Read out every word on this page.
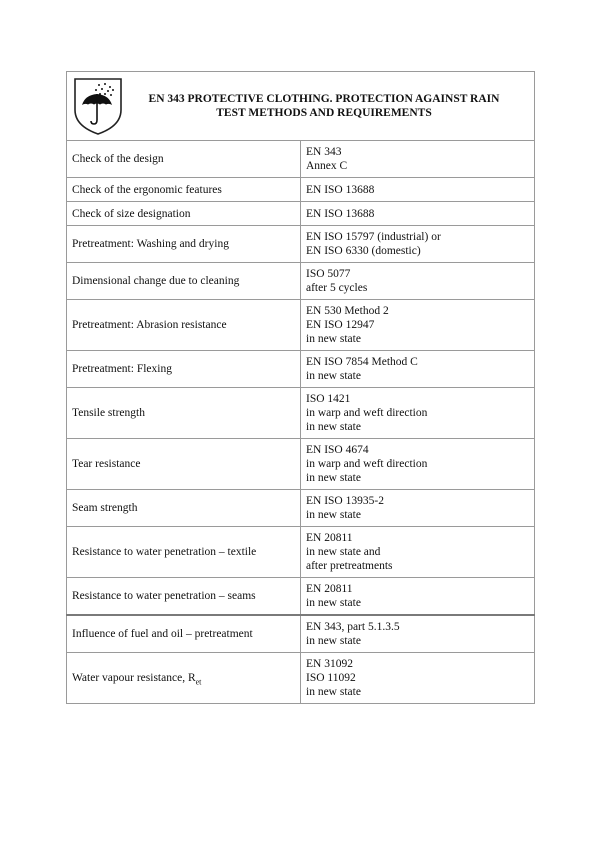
EN 343 PROTECTIVE CLOTHING. PROTECTION AGAINST RAIN
TEST METHODS AND REQUIREMENTS	

Check of the design	EN 343
Annex C

Check of the ergonomic features	EN ISO 13688

Check of size designation	EN ISO 13688

Pretreatment: Washing and drying	EN ISO 15797 (industrial) or
EN ISO 6330 (domestic)

Dimensional change due to cleaning	ISO 5077
after 5 cycles

Pretreatment: Abrasion resistance	EN 530 Method 2
EN ISO 12947
in new state

Pretreatment: Flexing	EN ISO 7854 Method C
in new state

Tensile strength	ISO 1421
in warp and weft direction
in new state

Tear resistance	EN ISO 4674
in warp and weft direction
in new state

Seam strength	EN ISO 13935-2
in new state

Resistance to water penetration – textile	EN 20811
in new state and
after pretreatments

Resistance to water penetration – seams	EN 20811
in new state

Influence of fuel and oil – pretreatment	EN 343, part 5.1.3.5
in new state

Water vapour resistance, $R_{et}$	EN 31092
ISO 11092
in new state
